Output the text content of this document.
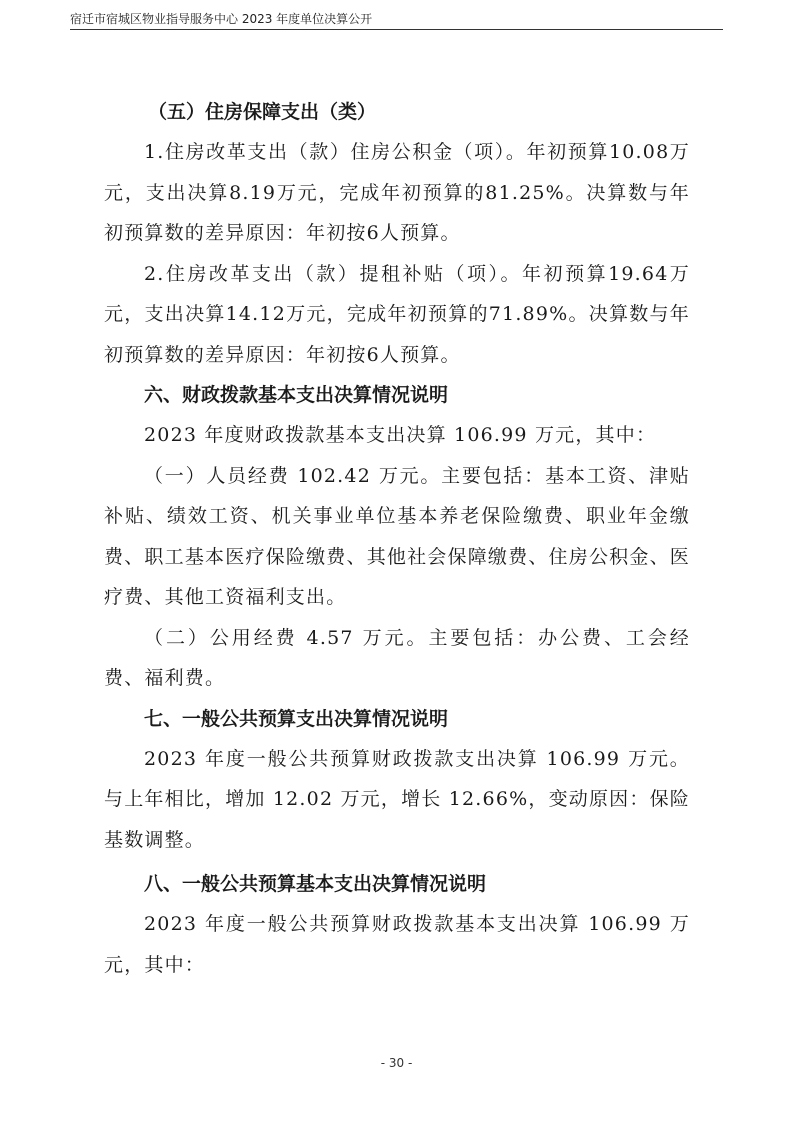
宿迁市宿城区物业指导服务中心 2023 年度单位决算公开
（五）住房保障支出（类）

1.住房改革支出（款）住房公积金（项）。年初预算10.08万元，支出决算8.19万元，完成年初预算的81.25%。决算数与年初预算数的差异原因：年初按6人预算。

2.住房改革支出（款）提租补贴（项）。年初预算19.64万元，支出决算14.12万元，完成年初预算的71.89%。决算数与年初预算数的差异原因：年初按6人预算。

六、财政拨款基本支出决算情况说明

2023 年度财政拨款基本支出决算 106.99 万元，其中：

（一）人员经费 102.42 万元。主要包括：基本工资、津贴补贴、绩效工资、机关事业单位基本养老保险缴费、职业年金缴费、职工基本医疗保险缴费、其他社会保障缴费、住房公积金、医疗费、其他工资福利支出。

（二）公用经费 4.57 万元。主要包括：办公费、工会经费、福利费。

七、一般公共预算支出决算情况说明

2023 年度一般公共预算财政拨款支出决算 106.99 万元。与上年相比，增加 12.02 万元，增长 12.66%，变动原因：保险基数调整。

八、一般公共预算基本支出决算情况说明

2023 年度一般公共预算财政拨款基本支出决算 106.99 万元，其中：

- 30 -
